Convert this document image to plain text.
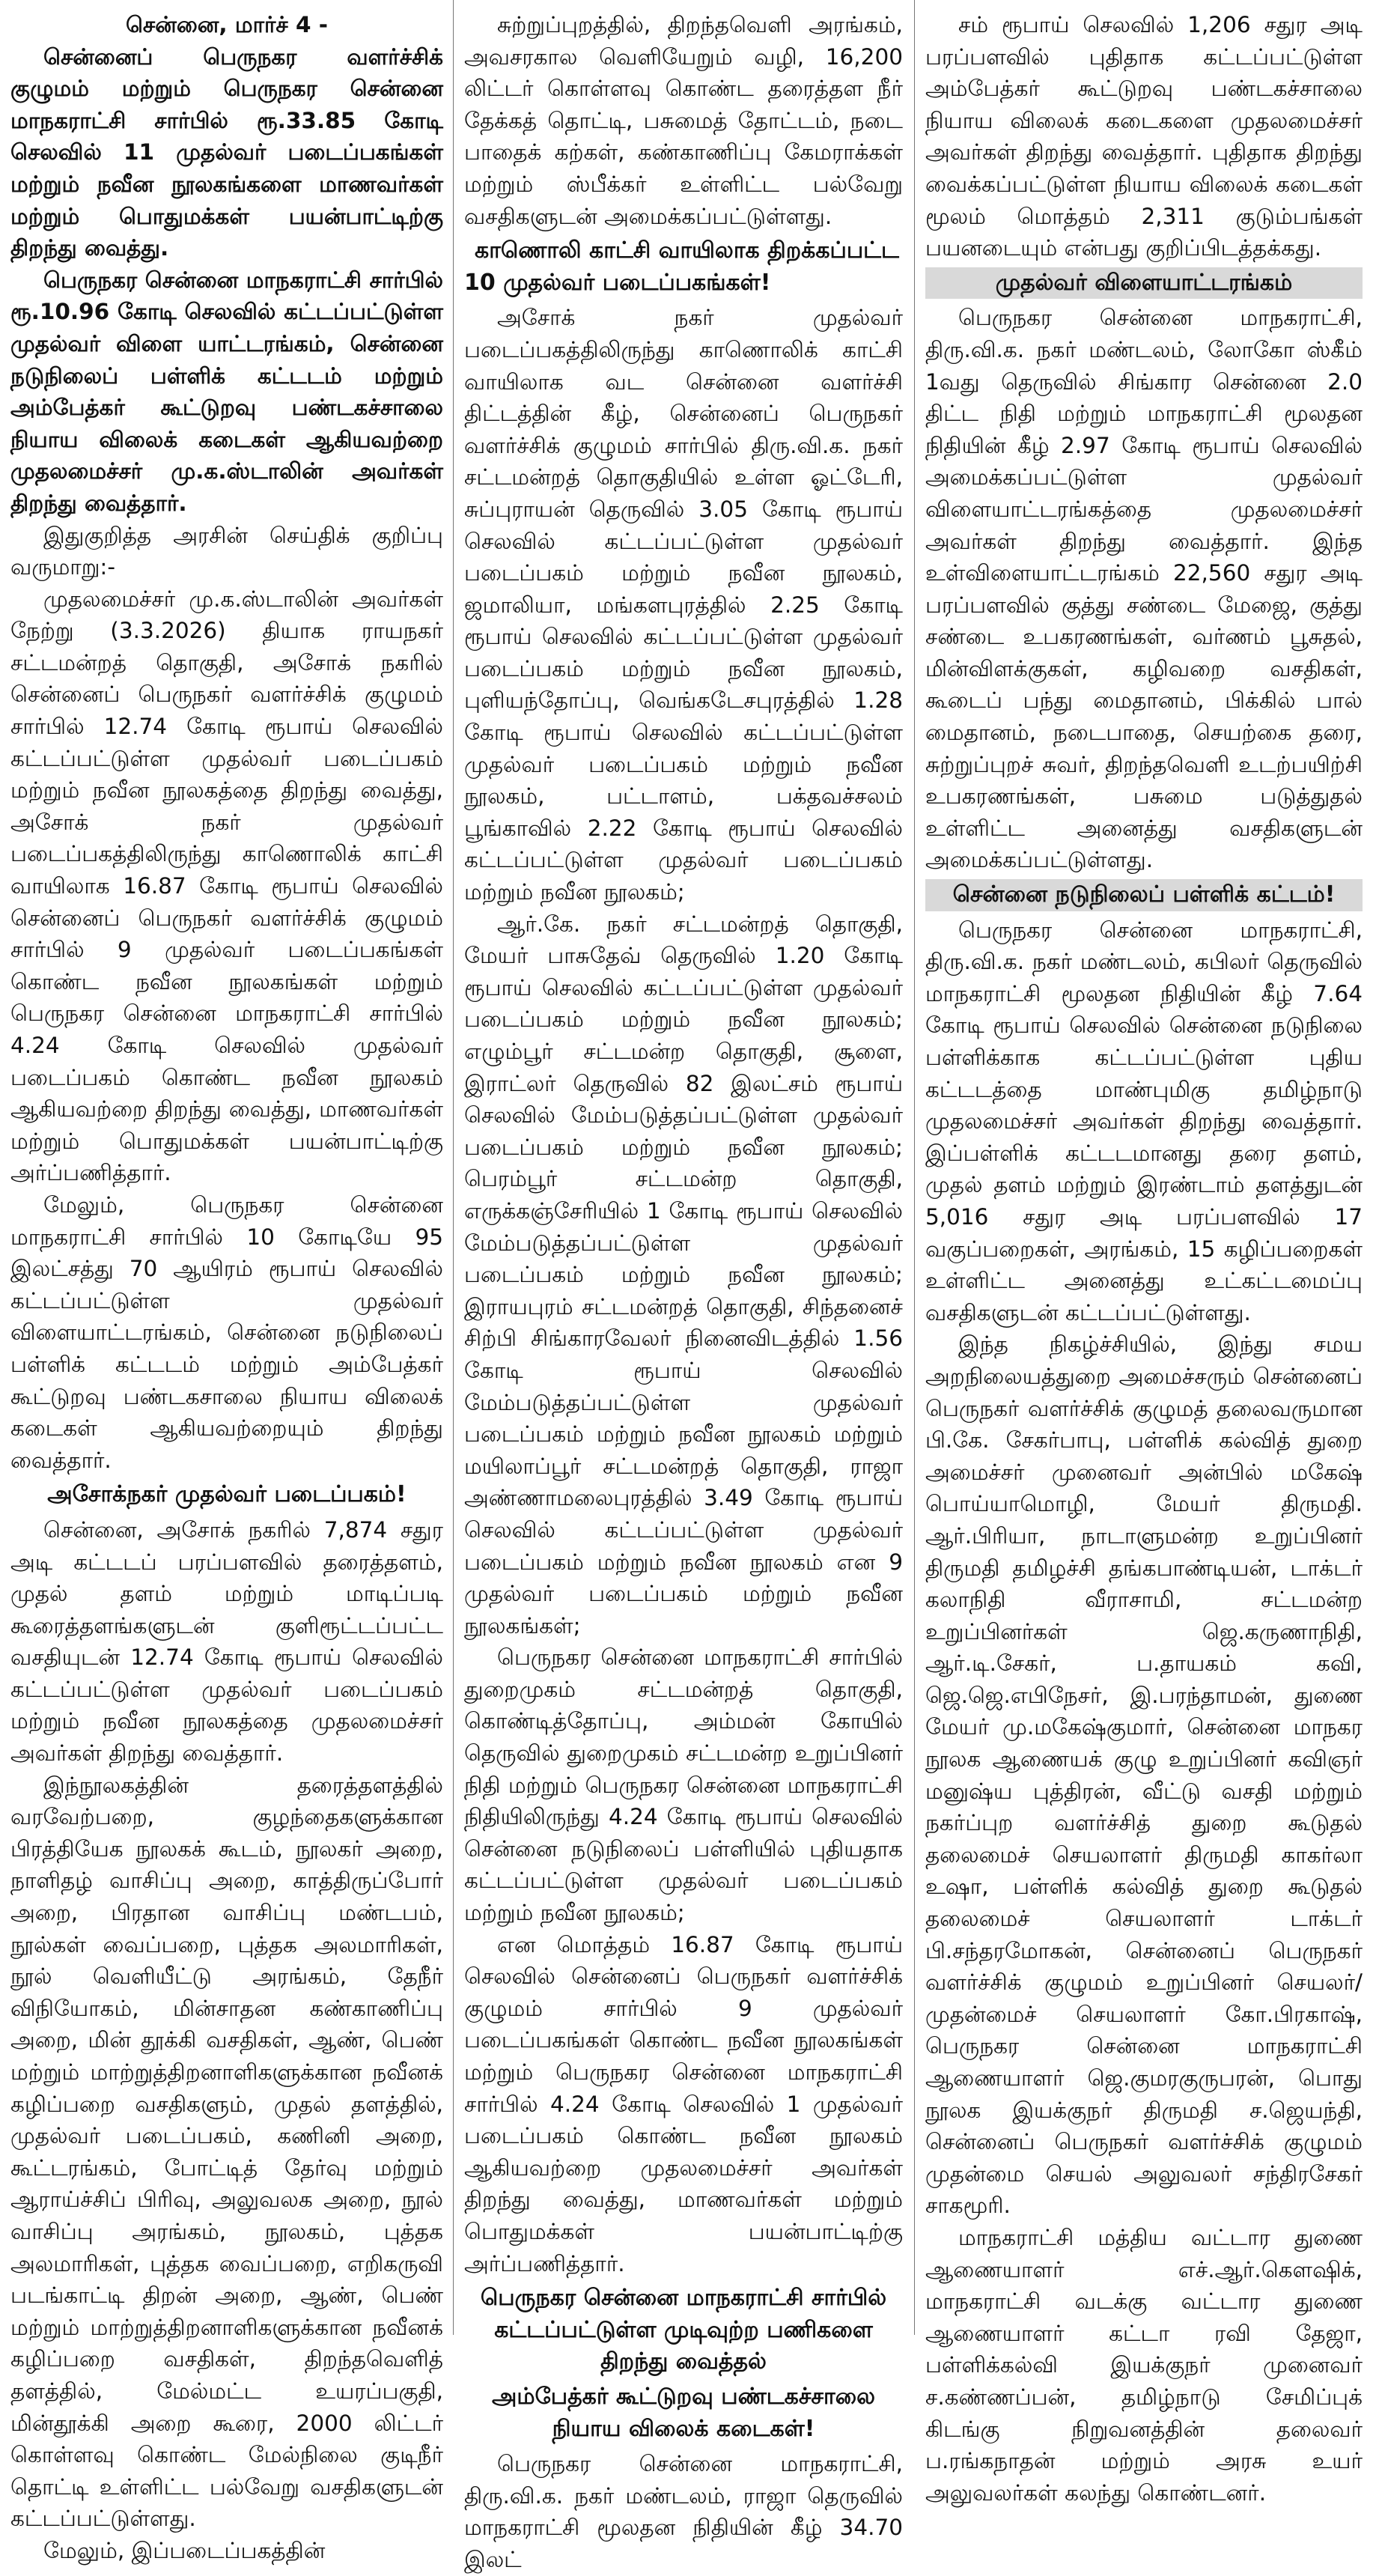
சென்னை, மார்ச் 4 -

சென்னைப் பெருநகர வளர்ச்சிக் குழுமம் மற்றும் பெருநகர சென்னை மாநகராட்சி சார்பில் ரூ.33.85 கோடி செலவில் 11 முதல்வர் படைப்பகங்கள் மற்றும் நவீன நூலகங்களை மாணவர்கள் மற்றும் பொதுமக்கள் பயன்பாட்டிற்கு திறந்து வைத்து.

பெருநகர சென்னை மாநகராட்சி சார்பில் ரூ.10.96 கோடி செலவில் கட்டப்பட்டுள்ள முதல்வர் விளை யாட்டரங்கம், சென்னை நடுநிலைப் பள்ளிக் கட்டடம் மற்றும் அம்பேத்கர் கூட்டுறவு பண்டகச்சாலை நியாய விலைக் கடைகள் ஆகியவற்றை முதலமைச்சர் மு.க.ஸ்டாலின் அவர்கள் திறந்து வைத்தார்.

இதுகுறித்த அரசின் செய்திக் குறிப்பு வருமாறு:-

முதலமைச்சர் மு.க.ஸ்டாலின் அவர்கள் நேற்று (3.3.2026) தியாக ராயநகர் சட்டமன்றத் தொகுதி, அசோக் நகரில் சென்னைப் பெருநகர் வளர்ச்சிக் குழுமம் சார்பில் 12.74 கோடி ரூபாய் செலவில் கட்டப்பட்டுள்ள முதல்வர் படைப்பகம் மற்றும் நவீன நூலகத்தை திறந்து வைத்து, அசோக் நகர் முதல்வர் படைப்பகத்திலிருந்து காணொலிக் காட்சி வாயிலாக 16.87 கோடி ரூபாய் செலவில் சென்னைப் பெருநகர் வளர்ச்சிக் குழுமம் சார்பில் 9 முதல்வர் படைப்பகங்கள் கொண்ட நவீன நூலகங்கள் மற்றும் பெருநகர சென்னை மாநகராட்சி சார்பில் 4.24 கோடி செலவில் முதல்வர் படைப்பகம் கொண்ட நவீன நூலகம் ஆகியவற்றை திறந்து வைத்து, மாணவர்கள் மற்றும் பொதுமக்கள் பயன்பாட்டிற்கு அர்ப்பணித்தார்.

மேலும், பெருநகர சென்னை மாநகராட்சி சார்பில் 10 கோடியே 95 இலட்சத்து 70 ஆயிரம் ரூபாய் செலவில் கட்டப்பட்டுள்ள முதல்வர் விளையாட்டரங்கம், சென்னை நடுநிலைப் பள்ளிக் கட்டடம் மற்றும் அம்பேத்கர் கூட்டுறவு பண்டகசாலை நியாய விலைக் கடைகள் ஆகியவற்றையும் திறந்து வைத்தார்.

அசோக்நகர் முதல்வர் படைப்பகம்!

சென்னை, அசோக் நகரில் 7,874 சதுர அடி கட்டடப் பரப்பளவில் தரைத்தளம், முதல் தளம் மற்றும் மாடிப்படி கூரைத்தளங்களுடன் குளிரூட்டப்பட்ட வசதியுடன் 12.74 கோடி ரூபாய் செலவில் கட்டப்பட்டுள்ள முதல்வர் படைப்பகம் மற்றும் நவீன நூலகத்தை முதலமைச்சர் அவர்கள் திறந்து வைத்தார்.

இந்நூலகத்தின் தரைத்தளத்தில் வரவேற்பறை, குழந்தைகளுக்கான பிரத்தியேக நூலகக் கூடம், நூலகர் அறை, நாளிதழ் வாசிப்பு அறை, காத்திருப்போர் அறை, பிரதான வாசிப்பு மண்டபம், நூல்கள் வைப்பறை, புத்தக அலமாரிகள், நூல் வெளியீட்டு அரங்கம், தேநீர் விநியோகம், மின்சாதன கண்காணிப்பு அறை, மின் தூக்கி வசதிகள், ஆண், பெண் மற்றும் மாற்றுத்திறனாளிகளுக்கான நவீனக் கழிப்பறை வசதிகளும், முதல் தளத்தில், முதல்வர் படைப்பகம், கணினி அறை, கூட்டரங்கம், போட்டித் தேர்வு மற்றும் ஆராய்ச்சிப் பிரிவு, அலுவலக அறை, நூல் வாசிப்பு அரங்கம், நூலகம், புத்தக அலமாரிகள், புத்தக வைப்பறை, எறிகருவி படங்காட்டி திறன் அறை, ஆண், பெண் மற்றும் மாற்றுத்திறனாளிகளுக்கான நவீனக் கழிப்பறை வசதிகள், திறந்தவெளித் தளத்தில், மேல்மட்ட உயரப்பகுதி, மின்தூக்கி அறை கூரை, 2000 லிட்டர் கொள்ளவு கொண்ட மேல்நிலை குடிநீர் தொட்டி உள்ளிட்ட பல்வேறு வசதிகளுடன் கட்டப்பட்டுள்ளது.

மேலும், இப்படைப்பகத்தின்

சுற்றுப்புறத்தில், திறந்தவெளி அரங்கம், அவசரகால வெளியேறும் வழி, 16,200 லிட்டர் கொள்ளவு கொண்ட தரைத்தள நீர் தேக்கத் தொட்டி, பசுமைத் தோட்டம், நடை பாதைக் கற்கள், கண்காணிப்பு கேமராக்கள் மற்றும் ஸ்பீக்கர் உள்ளிட்ட பல்வேறு வசதிகளுடன் அமைக்கப்பட்டுள்ளது.

காணொலி காட்சி வாயிலாக திறக்கப்பட்ட 10 முதல்வர் படைப்பகங்கள்!

அசோக் நகர் முதல்வர் படைப்பகத்திலிருந்து காணொலிக் காட்சி வாயிலாக வட சென்னை வளர்ச்சி திட்டத்தின் கீழ், சென்னைப் பெருநகர் வளர்ச்சிக் குழுமம் சார்பில் திரு.வி.க. நகர் சட்டமன்றத் தொகுதியில் உள்ள ஓட்டேரி, சுப்புராயன் தெருவில் 3.05 கோடி ரூபாய் செலவில் கட்டப்பட்டுள்ள முதல்வர் படைப்பகம் மற்றும் நவீன நூலகம், ஜமாலியா, மங்களபுரத்தில் 2.25 கோடி ரூபாய் செலவில் கட்டப்பட்டுள்ள முதல்வர் படைப்பகம் மற்றும் நவீன நூலகம், புளியந்தோப்பு, வெங்கடேசபுரத்தில் 1.28 கோடி ரூபாய் செலவில் கட்டப்பட்டுள்ள முதல்வர் படைப்பகம் மற்றும் நவீன நூலகம், பட்டாளம், பக்தவச்சலம் பூங்காவில் 2.22 கோடி ரூபாய் செலவில் கட்டப்பட்டுள்ள முதல்வர் படைப்பகம் மற்றும் நவீன நூலகம்;

ஆர்.கே. நகர் சட்டமன்றத் தொகுதி, மேயர் பாசுதேவ் தெருவில் 1.20 கோடி ரூபாய் செலவில் கட்டப்பட்டுள்ள முதல்வர் படைப்பகம் மற்றும் நவீன நூலகம்; எழும்பூர் சட்டமன்ற தொகுதி, சூளை, இராட்லர் தெருவில் 82 இலட்சம் ரூபாய் செலவில் மேம்படுத்தப்பட்டுள்ள முதல்வர் படைப்பகம் மற்றும் நவீன நூலகம்; பெரம்பூர் சட்டமன்ற தொகுதி, எருக்கஞ்சேரியில் 1 கோடி ரூபாய் செலவில் மேம்படுத்தப்பட்டுள்ள முதல்வர் படைப்பகம் மற்றும் நவீன நூலகம்; இராயபுரம் சட்டமன்றத் தொகுதி, சிந்தனைச் சிற்பி சிங்காரவேலர் நினைவிடத்தில் 1.56 கோடி ரூபாய் செலவில் மேம்படுத்தப்பட்டுள்ள முதல்வர் படைப்பகம் மற்றும் நவீன நூலகம் மற்றும் மயிலாப்பூர் சட்டமன்றத் தொகுதி, ராஜா அண்ணாமலைபுரத்தில் 3.49 கோடி ரூபாய் செலவில் கட்டப்பட்டுள்ள முதல்வர் படைப்பகம் மற்றும் நவீன நூலகம் என 9 முதல்வர் படைப்பகம் மற்றும் நவீன நூலகங்கள்;

பெருநகர சென்னை மாநகராட்சி சார்பில் துறைமுகம் சட்டமன்றத் தொகுதி, கொண்டித்தோப்பு, அம்மன் கோயில் தெருவில் துறைமுகம் சட்டமன்ற உறுப்பினர் நிதி மற்றும் பெருநகர சென்னை மாநகராட்சி நிதியிலிருந்து 4.24 கோடி ரூபாய் செலவில் சென்னை நடுநிலைப் பள்ளியில் புதியதாக கட்டப்பட்டுள்ள முதல்வர் படைப்பகம் மற்றும் நவீன நூலகம்;

என மொத்தம் 16.87 கோடி ரூபாய் செலவில் சென்னைப் பெருநகர் வளர்ச்சிக் குழுமம் சார்பில் 9 முதல்வர் படைப்பகங்கள் கொண்ட நவீன நூலகங்கள் மற்றும் பெருநகர சென்னை மாநகராட்சி சார்பில் 4.24 கோடி செலவில் 1 முதல்வர் படைப்பகம் கொண்ட நவீன நூலகம் ஆகியவற்றை முதலமைச்சர் அவர்கள் திறந்து வைத்து, மாணவர்கள் மற்றும் பொதுமக்கள் பயன்பாட்டிற்கு அர்ப்பணித்தார்.

பெருநகர சென்னை மாநகராட்சி சார்பில் கட்டப்பட்டுள்ள முடிவுற்ற பணிகளை திறந்து வைத்தல்

அம்பேத்கர் கூட்டுறவு பண்டகச்சாலை நியாய விலைக் கடைகள்!

பெருநகர சென்னை மாநகராட்சி, திரு.வி.க. நகர் மண்டலம், ராஜா தெருவில் மாநகராட்சி மூலதன நிதியின் கீழ் 34.70 இலட்

சம் ரூபாய் செலவில் 1,206 சதுர அடி பரப்பளவில் புதிதாக கட்டப்பட்டுள்ள அம்பேத்கர் கூட்டுறவு பண்டகச்சாலை நியாய விலைக் கடைகளை முதலமைச்சர் அவர்கள் திறந்து வைத்தார். புதிதாக திறந்து வைக்கப்பட்டுள்ள நியாய விலைக் கடைகள் மூலம் மொத்தம் 2,311 குடும்பங்கள் பயனடையும் என்பது குறிப்பிடத்தக்கது.

முதல்வர் விளையாட்டரங்கம்

பெருநகர சென்னை மாநகராட்சி, திரு.வி.க. நகர் மண்டலம், லோகோ ஸ்கீம் 1வது தெருவில் சிங்கார சென்னை 2.0 திட்ட நிதி மற்றும் மாநகராட்சி மூலதன நிதியின் கீழ் 2.97 கோடி ரூபாய் செலவில் அமைக்கப்பட்டுள்ள முதல்வர் விளையாட்டரங்கத்தை முதலமைச்சர் அவர்கள் திறந்து வைத்தார். இந்த உள்விளையாட்டரங்கம் 22,560 சதுர அடி பரப்பளவில் குத்து சண்டை மேஜை, குத்து சண்டை உபகரணங்கள், வர்ணம் பூசுதல், மின்விளக்குகள், கழிவறை வசதிகள், கூடைப் பந்து மைதானம், பிக்கில் பால் மைதானம், நடைபாதை, செயற்கை தரை, சுற்றுப்புறச் சுவர், திறந்தவெளி உடற்பயிற்சி உபகரணங்கள், பசுமை படுத்துதல் உள்ளிட்ட அனைத்து வசதிகளுடன் அமைக்கப்பட்டுள்ளது.

சென்னை நடுநிலைப் பள்ளிக் கட்டம்!

பெருநகர சென்னை மாநகராட்சி, திரு.வி.க. நகர் மண்டலம், கபிலர் தெருவில் மாநகராட்சி மூலதன நிதியின் கீழ் 7.64 கோடி ரூபாய் செலவில் சென்னை நடுநிலை பள்ளிக்காக கட்டப்பட்டுள்ள புதிய கட்டடத்தை மாண்புமிகு தமிழ்நாடு முதலமைச்சர் அவர்கள் திறந்து வைத்தார். இப்பள்ளிக் கட்டடமானது தரை தளம், முதல் தளம் மற்றும் இரண்டாம் தளத்துடன் 5,016 சதுர அடி பரப்பளவில் 17 வகுப்பறைகள், அரங்கம், 15 கழிப்பறைகள் உள்ளிட்ட அனைத்து உட்கட்டமைப்பு வசதிகளுடன் கட்டப்பட்டுள்ளது.

இந்த நிகழ்ச்சியில், இந்து சமய அறநிலையத்துறை அமைச்சரும் சென்னைப் பெருநகர் வளர்ச்சிக் குழுமத் தலைவருமான பி.கே. சேகர்பாபு, பள்ளிக் கல்வித் துறை அமைச்சர் முனைவர் அன்பில் மகேஷ் பொய்யாமொழி, மேயர் திருமதி. ஆர்.பிரியா, நாடாளுமன்ற உறுப்பினர் திருமதி தமிழச்சி தங்கபாண்டியன், டாக்டர் கலாநிதி வீராசாமி, சட்டமன்ற உறுப்பினர்கள் ஜெ.கருணாநிதி, ஆர்.டி.சேகர், ப.தாயகம் கவி, ஜெ.ஜெ.எபிநேசர், இ.பரந்தாமன், துணை மேயர் மு.மகேஷ்குமார், சென்னை மாநகர நூலக ஆணையக் குழு உறுப்பினர் கவிஞர் மனுஷ்ய புத்திரன், வீட்டு வசதி மற்றும் நகர்ப்புற வளர்ச்சித் துறை கூடுதல் தலைமைச் செயலாளர் திருமதி காகர்லா உஷா, பள்ளிக் கல்வித் துறை கூடுதல் தலைமைச் செயலாளர் டாக்டர் பி.சந்தரமோகன், சென்னைப் பெருநகர் வளர்ச்சிக் குழுமம் உறுப்பினர் செயலர்/ முதன்மைச் செயலாளர் கோ.பிரகாஷ், பெருநகர சென்னை மாநகராட்சி ஆணையாளர் ஜெ.குமரகுருபரன், பொது நூலக இயக்குநர் திருமதி ச.ஜெயந்தி, சென்னைப் பெருநகர் வளர்ச்சிக் குழுமம் முதன்மை செயல் அலுவலர் சந்திரசேகர் சாகமூரி.

மாநகராட்சி மத்திய வட்டார துணை ஆணையாளர் எச்.ஆர்.கௌஷிக், மாநகராட்சி வடக்கு வட்டார துணை ஆணையாளர் கட்டா ரவி தேஜா, பள்ளிக்கல்வி இயக்குநர் முனைவர் ச.கண்ணப்பன், தமிழ்நாடு சேமிப்புக் கிடங்கு நிறுவனத்தின் தலைவர் ப.ரங்கநாதன் மற்றும் அரசு உயர் அலுவலர்கள் கலந்து கொண்டனர்.
